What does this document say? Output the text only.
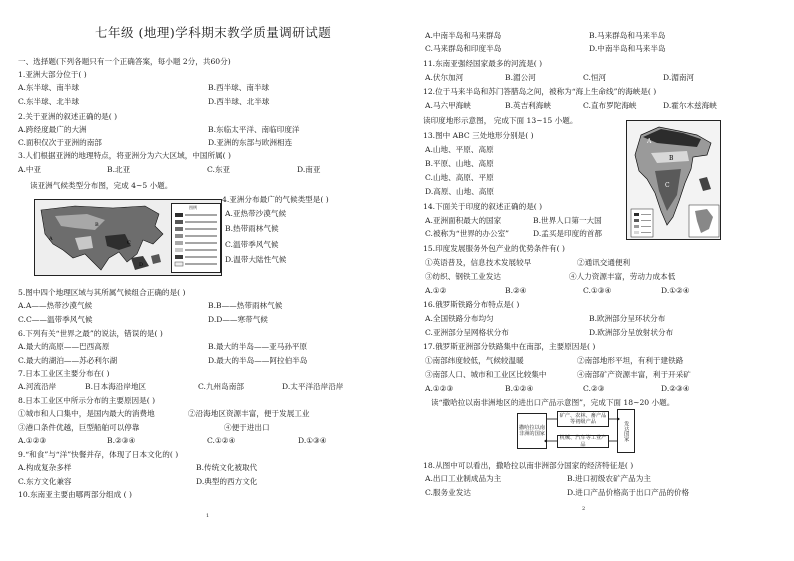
七年级 (地理)学科期末教学质量调研试题
一、选择题(下列各题只有一个正确答案，每小题 2分，共60分)
1.亚洲大部分位于( )
A.东半球、南半球	B.西半球、南半球
C.东半球、北半球	D.西半球、北半球
2.关于亚洲的叙述正确的是( )
A.跨经度最广的大洲	B.东临太平洋、南临印度洋
C.面积仅次于亚洲的南部	D.亚洲的东部与欧洲相连
3.人们根据亚洲的地理特点，将亚洲分为六大区域，中国所属( )
A.中亚	B.北亚	C.东亚	D.南亚
读亚洲气候类型分布图，完成 4~5 小题。
A
B
C
D
图例
4.亚洲分布最广的气候类型是( )
A.亚热带沙漠气候
B.热带雨林气候
C.温带季风气候
D.温带大陆性气候
5.图中四个地理区域与其所属气候组合正确的是( )
A.A——热带沙漠气候	B.B——热带雨林气候
C.C——温带季风气候	D.D——寒带气候
6.下列有关“世界之最”的说法，错误的是( )
A.最大的高原——巴西高原	B.最大的半岛——亚马孙平原
C.最大的湖泊——苏必利尔湖	D.最大的半岛——阿拉伯半岛
7.日本工业区主要分布在( )
A.河流沿岸	B.日本海沿岸地区	C.九州岛南部	D.太平洋沿岸沿岸
8.日本工业区中所示分布的主要原因是( )
①城市和人口集中，是国内最大的消费地	②沿海地区资源丰富，便于发展工业
③港口条件优越，巨型船舶可以停靠	④便于进出口
A.①②③	B.②③④	C.①②④	D.①③④
9.“和食”与“洋”快餐并存，体现了日本文化的( )
A.构成复杂多样	B.传统文化被取代
C.东方文化兼容	D.典型的西方文化
10.东南亚主要由哪两部分组成 ( )
1
A.中南半岛和马来群岛	B.马来群岛和马来半岛
C.马来群岛和印度半岛	D.中南半岛和马来半岛
11.东南亚强经国家最多的河流是( )
A.伏尔加河	B.湄公河	C.恒河	D.湄南河
12.位于马来半岛和苏门答腊岛之间，被称为“海上生命线”的海峡是( )
A.马六甲海峡	B.英吉利海峡	C.直布罗陀海峡	D.霍尔木兹海峡
读印度地形示意图， 完成下面 13~15 小题。
13.图中 ABC 三处地形分别是( )
A.山地、平原、高原
B.平原、山地、高原
C.山地、高原、平原
D.高原、山地、高原
A
B
C
14.下面关于印度的叙述正确的是( )
A.亚洲面积最大的国家	B.世界人口第一大国
C.被称为“世界的办公室”	D.孟买是印度的首都
15.印度发展服务外包产业的优势条件有( )
①英语普及，信息技术发展较早	②通讯交通便利
③纺织、钢铁工业发达	④人力资源丰富，劳动力成本低
A.①②	B.②④	C.①③④	D.①②④
16.俄罗斯铁路分布特点是( )
A.全国铁路分布均匀	B.欧洲部分呈环状分布
C.亚洲部分呈网格状分布	D.欧洲部分呈放射状分布
17.俄罗斯亚洲部分铁路集中在南部，主要原因是( )
①南部纬度较低，气候较温暖	②南部地形平坦，有利于建铁路
③南部人口、城市和工业区比较集中	④南部矿产资源丰富，利于开采矿
A.①②③	B.①②④	C.②③	D.②③④
读“撒哈拉以南非洲地区的进出口产品示意图”，完成下面 18~20 小题。
撒哈拉以南非洲的国家
矿产、农林、畜产品等初级产品
机械、汽车等工业产品
发达国家
18.从图中可以看出，撒哈拉以南非洲部分国家的经济特征是( )
A.出口工业制成品为主	B.进口初级农矿产品为主
C.服务业发达	D.进口产品价格高于出口产品的价格
2
